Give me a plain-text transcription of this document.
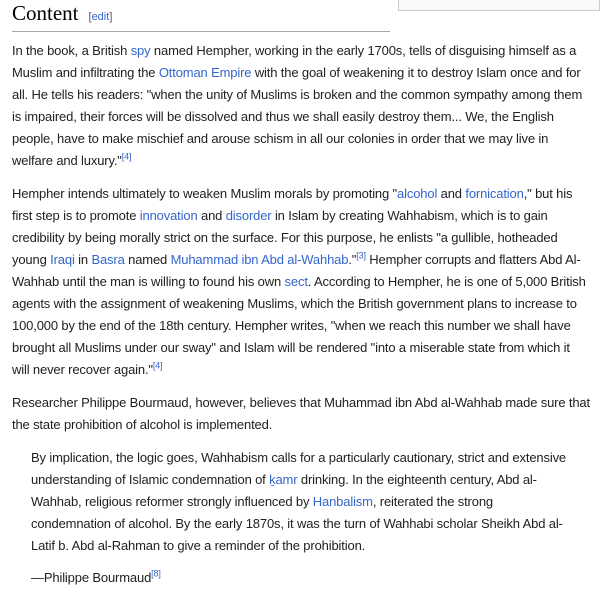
Content [edit]

In the book, a British spy named Hempher, working in the early 1700s, tells of disguising himself as a Muslim and infiltrating the Ottoman Empire with the goal of weakening it to destroy Islam once and for all. He tells his readers: "when the unity of Muslims is broken and the common sympathy among them is impaired, their forces will be dissolved and thus we shall easily destroy them... We, the English people, have to make mischief and arouse schism in all our colonies in order that we may live in welfare and luxury."[4]

Hempher intends ultimately to weaken Muslim morals by promoting "alcohol and fornication," but his first step is to promote innovation and disorder in Islam by creating Wahhabism, which is to gain credibility by being morally strict on the surface. For this purpose, he enlists "a gullible, hotheaded young Iraqi in Basra named Muhammad ibn Abd al-Wahhab."[3] Hempher corrupts and flatters Abd Al-Wahhab until the man is willing to found his own sect. According to Hempher, he is one of 5,000 British agents with the assignment of weakening Muslims, which the British government plans to increase to 100,000 by the end of the 18th century. Hempher writes, "when we reach this number we shall have brought all Muslims under our sway" and Islam will be rendered "into a miserable state from which it will never recover again."[4]

Researcher Philippe Bourmaud, however, believes that Muhammad ibn Abd al-Wahhab made sure that the state prohibition of alcohol is implemented.

By implication, the logic goes, Wahhabism calls for a particularly cautionary, strict and extensive understanding of Islamic condemnation of ḵamr drinking. In the eighteenth century, Abd al-Wahhab, religious reformer strongly influenced by Hanbalism, reiterated the strong condemnation of alcohol. By the early 1870s, it was the turn of Wahhabi scholar Sheikh Abd al-Latif b. Abd al-Rahman to give a reminder of the prohibition.

—Philippe Bourmaud[8]
